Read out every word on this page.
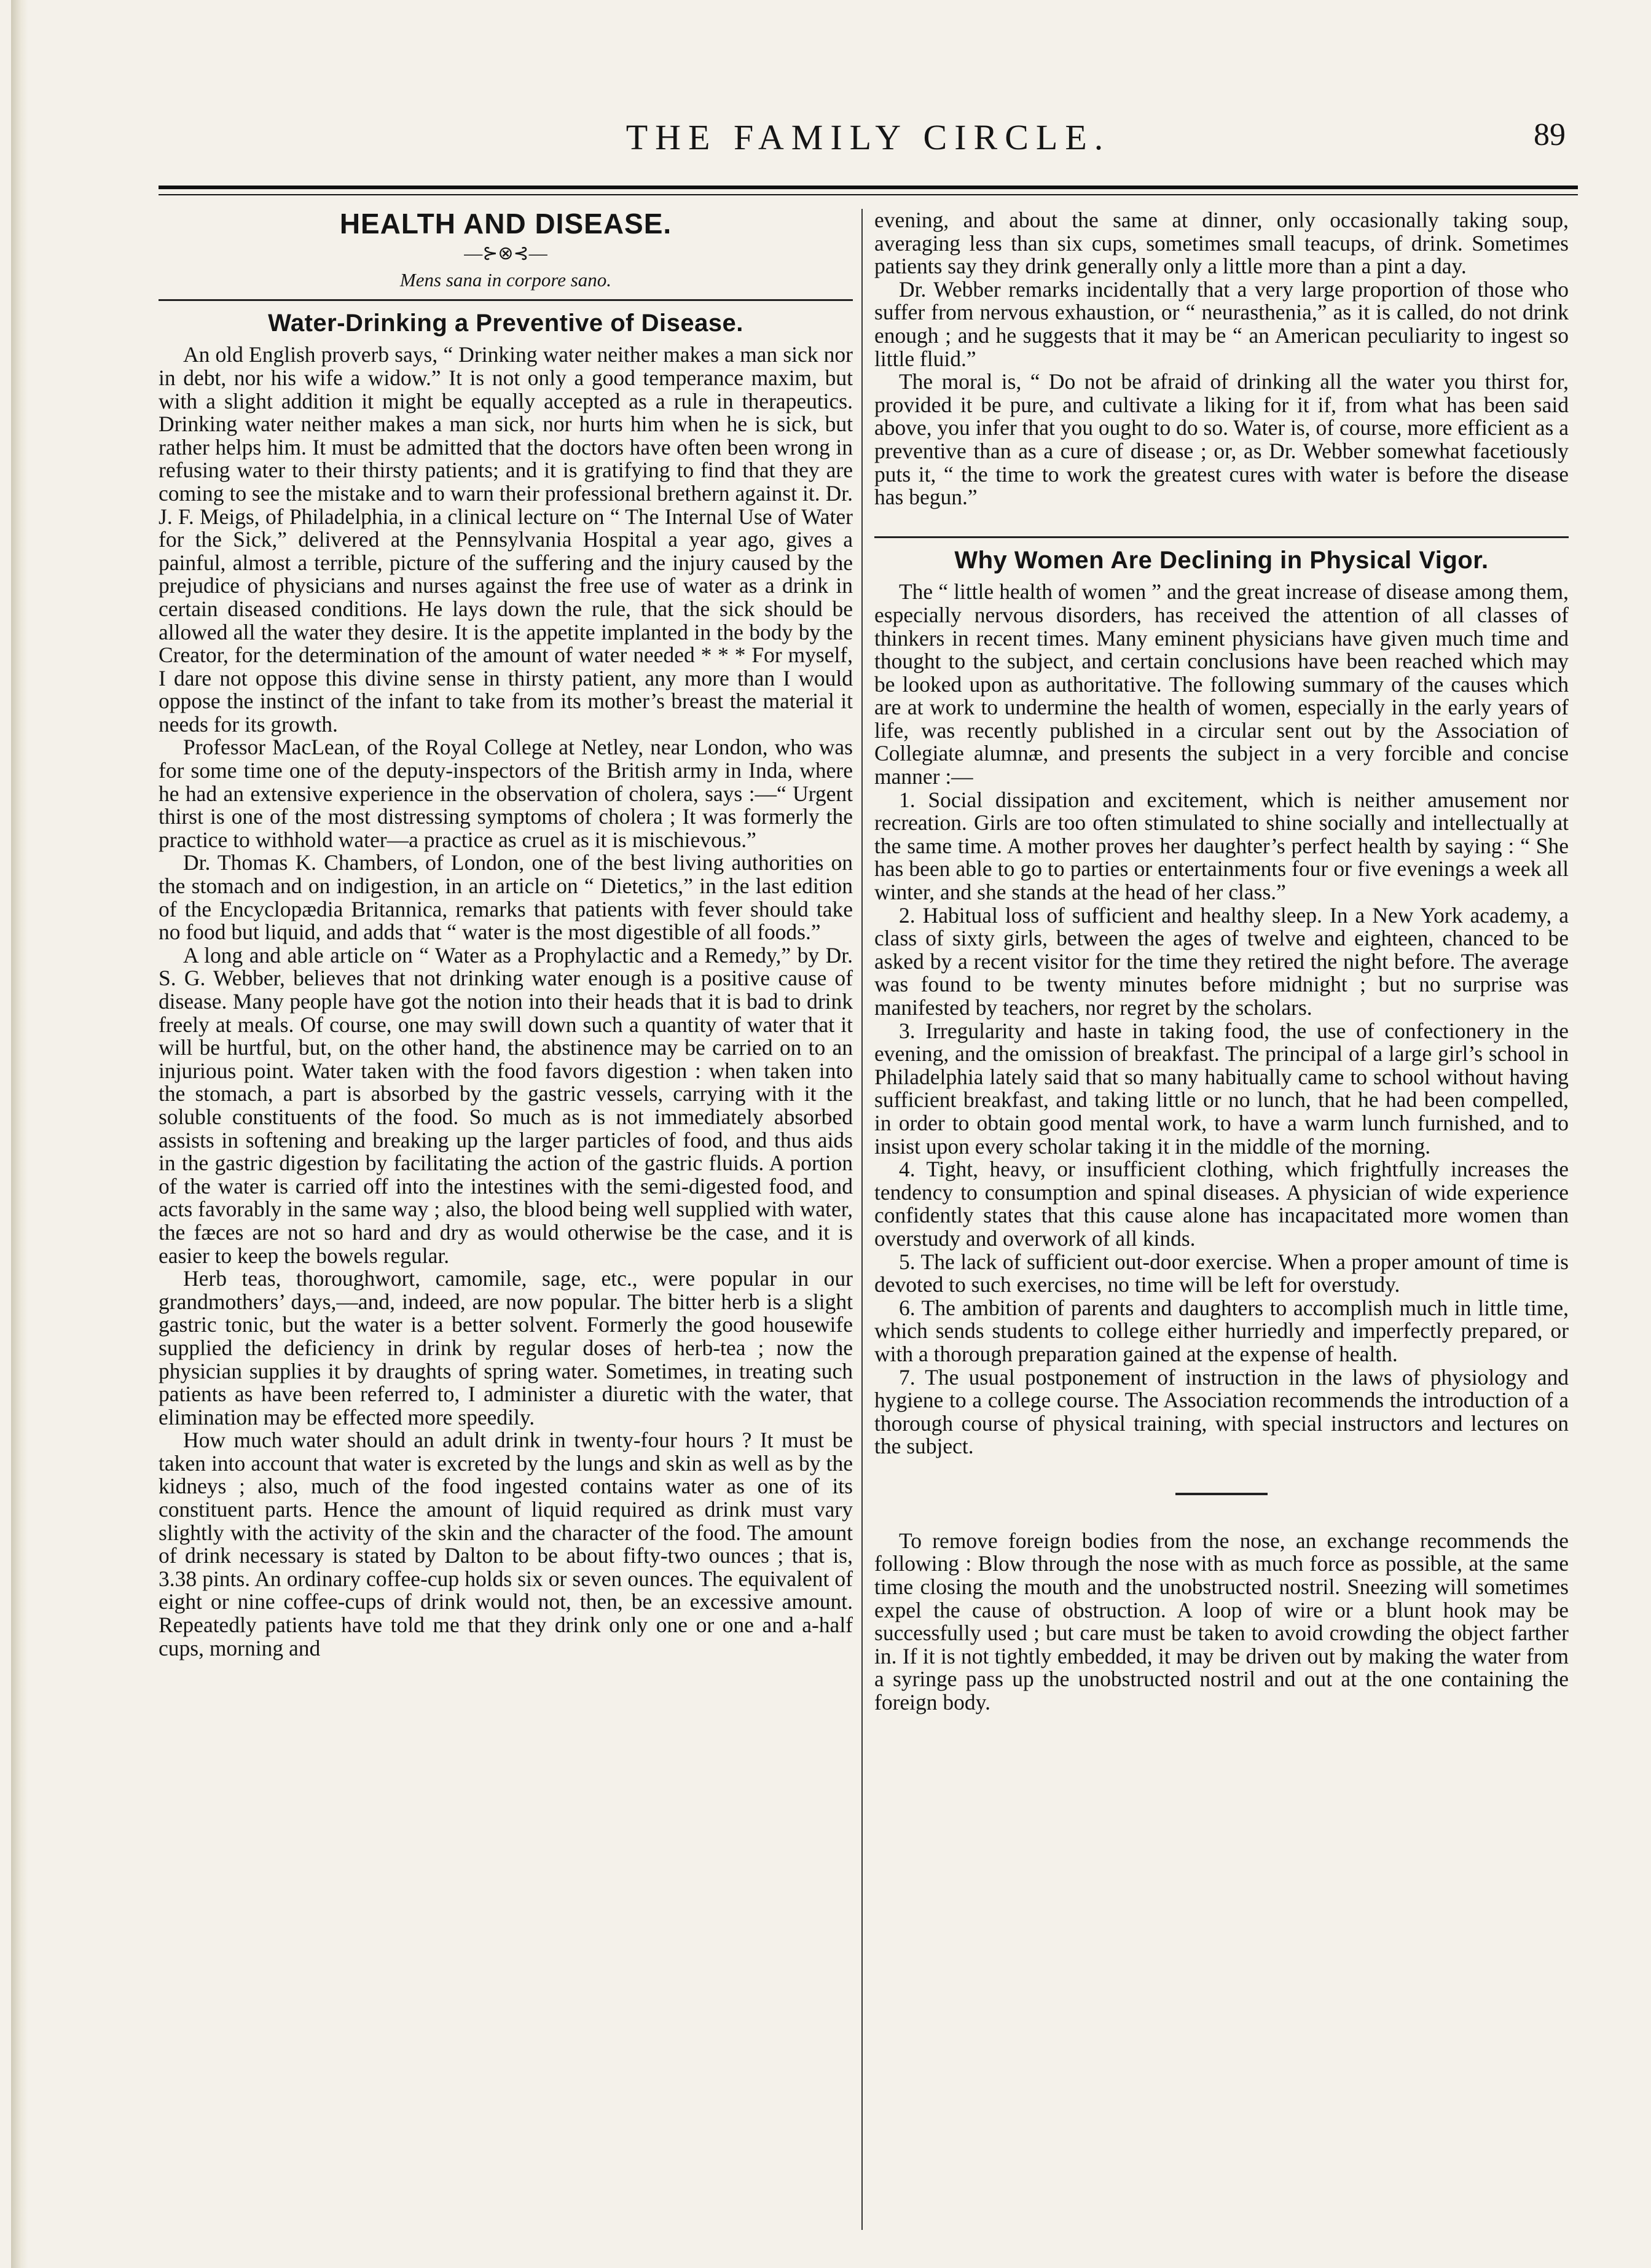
THE FAMILY CIRCLE.	89
HEALTH AND DISEASE.
—⊱⊗⊰—
Mens sana in corpore sano.
Water-Drinking a Preventive of Disease.

An old English proverb says, “ Drinking water neither makes a man sick nor in debt, nor his wife a widow.” It is not only a good temperance maxim, but with a slight addition it might be equally accepted as a rule in therapeutics. Drinking water neither makes a man sick, nor hurts him when he is sick, but rather helps him. It must be admitted that the doctors have often been wrong in refusing water to their thirsty patients; and it is gratifying to find that they are coming to see the mistake and to warn their professional brethern against it. Dr. J. F. Meigs, of Philadelphia, in a clinical lecture on “ The Internal Use of Water for the Sick,” delivered at the Pennsylvania Hospital a year ago, gives a painful, almost a terrible, picture of the suffering and the injury caused by the prejudice of physicians and nurses against the free use of water as a drink in certain diseased conditions. He lays down the rule, that the sick should be allowed all the water they desire. It is the appetite implanted in the body by the Creator, for the determination of the amount of water needed * * * For myself, I dare not oppose this divine sense in thirsty patient, any more than I would oppose the instinct of the infant to take from its mother’s breast the material it needs for its growth.

Professor MacLean, of the Royal College at Netley, near London, who was for some time one of the deputy-inspectors of the British army in Inda, where he had an extensive experience in the observation of cholera, says :—“ Urgent thirst is one of the most distressing symptoms of cholera ; It was formerly the practice to withhold water—a practice as cruel as it is mischievous.”

Dr. Thomas K. Chambers, of London, one of the best living authorities on the stomach and on indigestion, in an article on “ Dietetics,” in the last edition of the Encyclopædia Britannica, remarks that patients with fever should take no food but liquid, and adds that “ water is the most digestible of all foods.”

A long and able article on “ Water as a Prophylactic and a Remedy,” by Dr. S. G. Webber, believes that not drinking water enough is a positive cause of disease. Many people have got the notion into their heads that it is bad to drink freely at meals. Of course, one may swill down such a quantity of water that it will be hurtful, but, on the other hand, the abstinence may be carried on to an injurious point. Water taken with the food favors digestion : when taken into the stomach, a part is absorbed by the gastric vessels, carrying with it the soluble constituents of the food. So much as is not immediately absorbed assists in softening and breaking up the larger particles of food, and thus aids in the gastric digestion by facilitating the action of the gastric fluids. A portion of the water is carried off into the intestines with the semi-digested food, and acts favorably in the same way ; also, the blood being well supplied with water, the fæces are not so hard and dry as would otherwise be the case, and it is easier to keep the bowels regular.

Herb teas, thoroughwort, camomile, sage, etc., were popular in our grandmothers’ days,—and, indeed, are now popular. The bitter herb is a slight gastric tonic, but the water is a better solvent. Formerly the good housewife supplied the deficiency in drink by regular doses of herb-tea ; now the physician supplies it by draughts of spring water. Sometimes, in treating such patients as have been referred to, I administer a diuretic with the water, that elimination may be effected more speedily.

How much water should an adult drink in twenty-four hours ? It must be taken into account that water is excreted by the lungs and skin as well as by the kidneys ; also, much of the food ingested contains water as one of its constituent parts. Hence the amount of liquid required as drink must vary slightly with the activity of the skin and the character of the food. The amount of drink necessary is stated by Dalton to be about fifty-two ounces ; that is, 3.38 pints. An ordinary coffee-cup holds six or seven ounces. The equivalent of eight or nine coffee-cups of drink would not, then, be an excessive amount. Repeatedly patients have told me that they drink only one or one and a-half cups, morning and

evening, and about the same at dinner, only occasionally taking soup, averaging less than six cups, sometimes small teacups, of drink. Sometimes patients say they drink generally only a little more than a pint a day.

Dr. Webber remarks incidentally that a very large proportion of those who suffer from nervous exhaustion, or “ neurasthenia,” as it is called, do not drink enough ; and he suggests that it may be “ an American peculiarity to ingest so little fluid.”

The moral is, “ Do not be afraid of drinking all the water you thirst for, provided it be pure, and cultivate a liking for it if, from what has been said above, you infer that you ought to do so. Water is, of course, more efficient as a preventive than as a cure of disease ; or, as Dr. Webber somewhat facetiously puts it, “ the time to work the greatest cures with water is before the disease has begun.”

Why Women Are Declining in Physical Vigor.

The “ little health of women ” and the great increase of disease among them, especially nervous disorders, has received the attention of all classes of thinkers in recent times. Many eminent physicians have given much time and thought to the subject, and certain conclusions have been reached which may be looked upon as authoritative. The following summary of the causes which are at work to undermine the health of women, especially in the early years of life, was recently published in a circular sent out by the Association of Collegiate alumnæ, and presents the subject in a very forcible and concise manner :—

1. Social dissipation and excitement, which is neither amusement nor recreation. Girls are too often stimulated to shine socially and intellectually at the same time. A mother proves her daughter’s perfect health by saying : “ She has been able to go to parties or entertainments four or five evenings a week all winter, and she stands at the head of her class.”

2. Habitual loss of sufficient and healthy sleep. In a New York academy, a class of sixty girls, between the ages of twelve and eighteen, chanced to be asked by a recent visitor for the time they retired the night before. The average was found to be twenty minutes before midnight ; but no surprise was manifested by teachers, nor regret by the scholars.

3. Irregularity and haste in taking food, the use of confectionery in the evening, and the omission of breakfast. The principal of a large girl’s school in Philadelphia lately said that so many habitually came to school without having sufficient breakfast, and taking little or no lunch, that he had been compelled, in order to obtain good mental work, to have a warm lunch furnished, and to insist upon every scholar taking it in the middle of the morning.

4. Tight, heavy, or insufficient clothing, which frightfully increases the tendency to consumption and spinal diseases. A physician of wide experience confidently states that this cause alone has incapacitated more women than overstudy and overwork of all kinds.

5. The lack of sufficient out-door exercise. When a proper amount of time is devoted to such exercises, no time will be left for overstudy.

6. The ambition of parents and daughters to accomplish much in little time, which sends students to college either hurriedly and imperfectly prepared, or with a thorough preparation gained at the expense of health.

7. The usual postponement of instruction in the laws of physiology and hygiene to a college course. The Association recommends the introduction of a thorough course of physical training, with special instructors and lectures on the subject.

To remove foreign bodies from the nose, an exchange recommends the following : Blow through the nose with as much force as possible, at the same time closing the mouth and the unobstructed nostril. Sneezing will sometimes expel the cause of obstruction. A loop of wire or a blunt hook may be successfully used ; but care must be taken to avoid crowding the object farther in. If it is not tightly embedded, it may be driven out by making the water from a syringe pass up the unobstructed nostril and out at the one containing the foreign body.
